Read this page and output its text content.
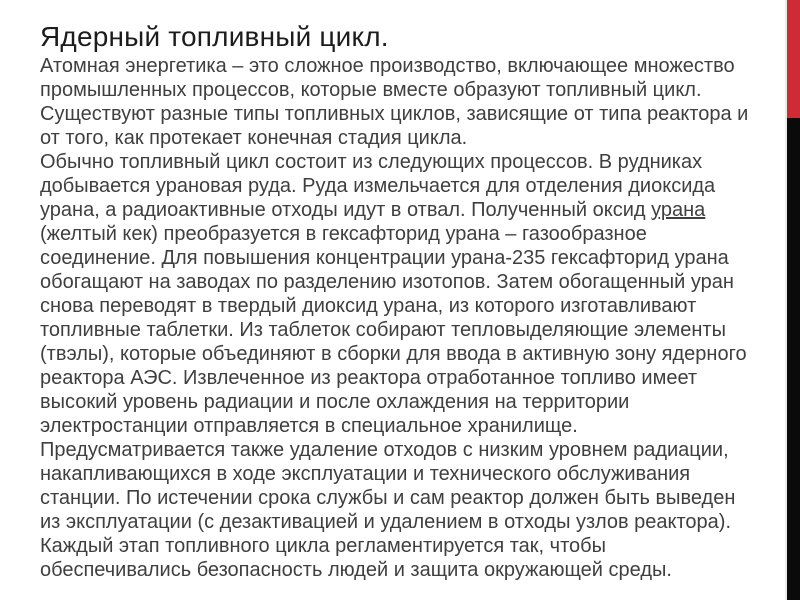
Ядерный топливный цикл.

Атомная энергетика – это сложное производство, включающее множество промышленных процессов, которые вместе образуют топливный цикл. Существуют разные типы топливных циклов, зависящие от типа реактора и от того, как протекает конечная стадия цикла.

Обычно топливный цикл состоит из следующих процессов. В рудниках добывается урановая руда. Руда измельчается для отделения диоксида урана, а радиоактивные отходы идут в отвал. Полученный оксид урана (желтый кек) преобразуется в гексафторид урана – газообразное соединение. Для повышения концентрации урана-235 гексафторид урана обогащают на заводах по разделению изотопов. Затем обогащенный уран снова переводят в твердый диоксид урана, из которого изготавливают топливные таблетки. Из таблеток собирают тепловыделяющие элементы (твэлы), которые объединяют в сборки для ввода в активную зону ядерного реактора АЭС. Извлеченное из реактора отработанное топливо имеет высокий уровень радиации и после охлаждения на территории электростанции отправляется в специальное хранилище.

Предусматривается также удаление отходов с низким уровнем радиации, накапливающихся в ходе эксплуатации и технического обслуживания станции. По истечении срока службы и сам реактор должен быть выведен из эксплуатации (с дезактивацией и удалением в отходы узлов реактора). Каждый этап топливного цикла регламентируется так, чтобы обеспечивались безопасность людей и защита окружающей среды.
